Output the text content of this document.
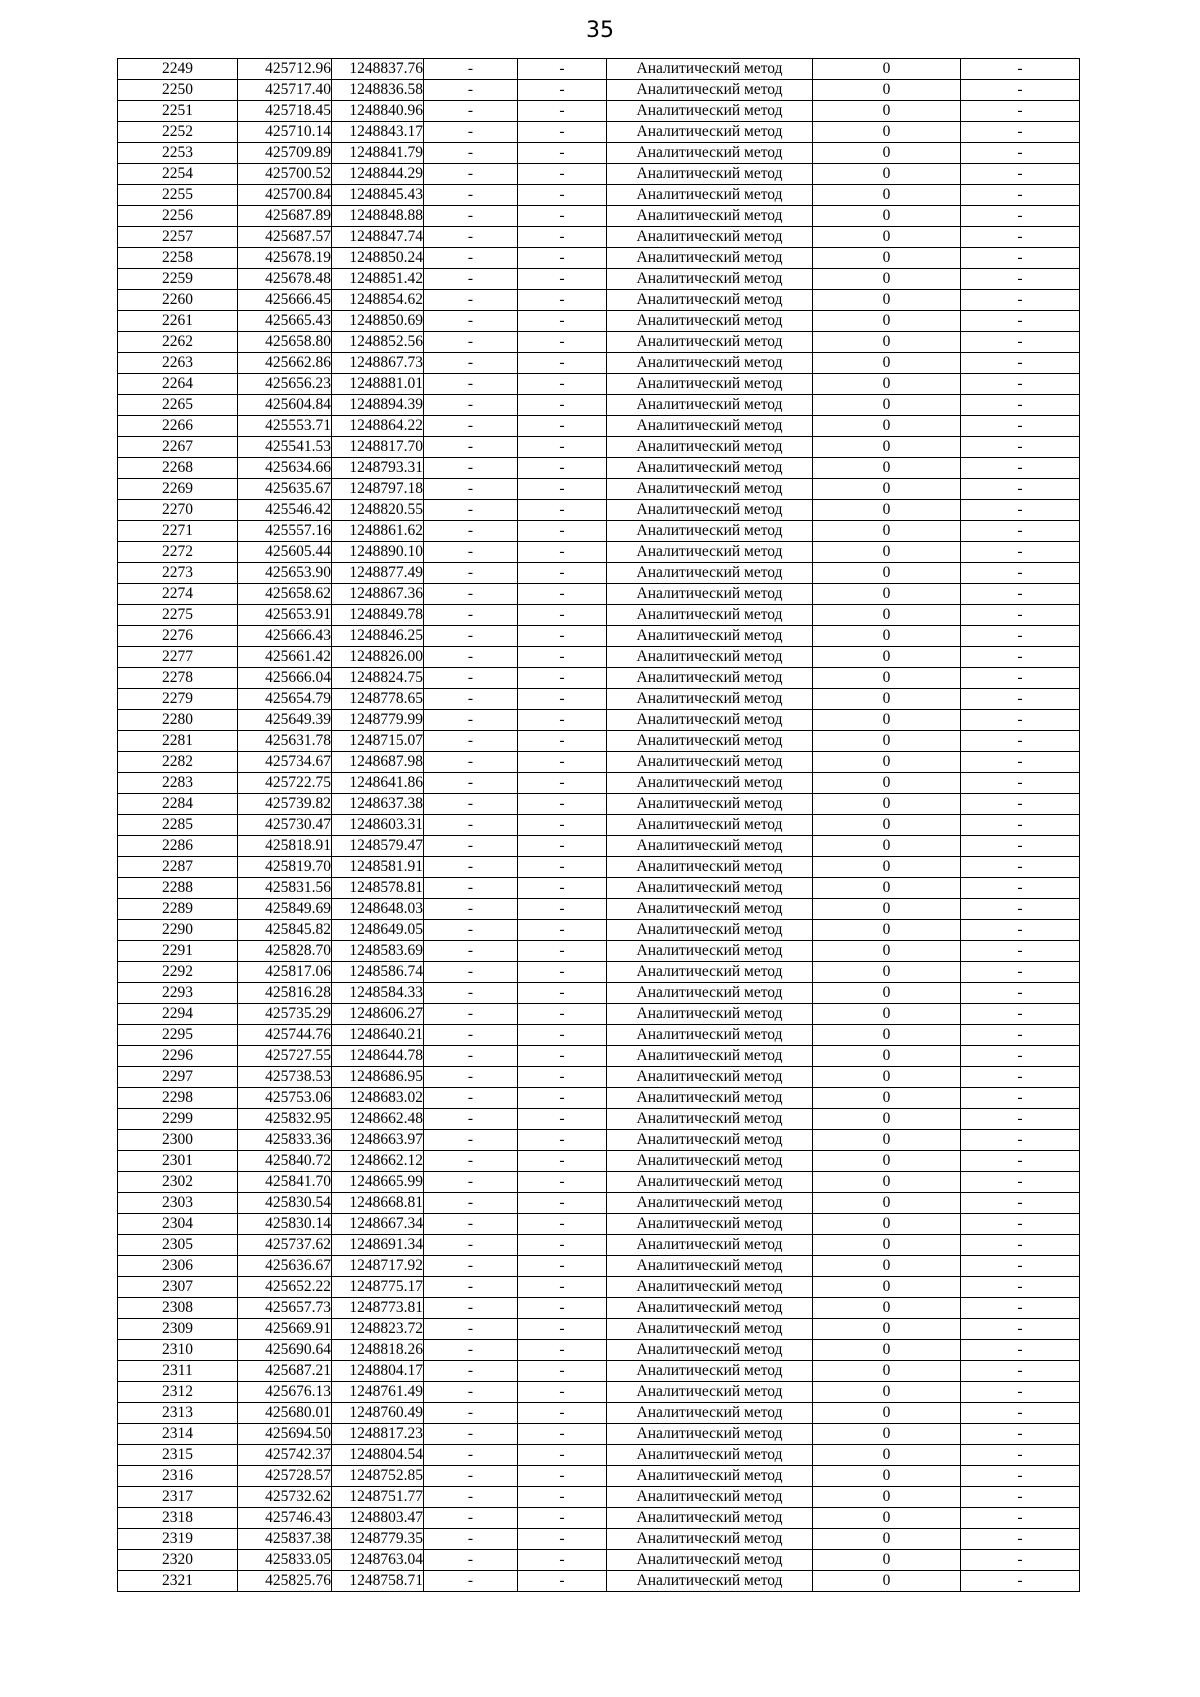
35
2249	425712.96	1248837.76	-	-	Аналитический метод	0	-
2250	425717.40	1248836.58	-	-	Аналитический метод	0	-
2251	425718.45	1248840.96	-	-	Аналитический метод	0	-
2252	425710.14	1248843.17	-	-	Аналитический метод	0	-
2253	425709.89	1248841.79	-	-	Аналитический метод	0	-
2254	425700.52	1248844.29	-	-	Аналитический метод	0	-
2255	425700.84	1248845.43	-	-	Аналитический метод	0	-
2256	425687.89	1248848.88	-	-	Аналитический метод	0	-
2257	425687.57	1248847.74	-	-	Аналитический метод	0	-
2258	425678.19	1248850.24	-	-	Аналитический метод	0	-
2259	425678.48	1248851.42	-	-	Аналитический метод	0	-
2260	425666.45	1248854.62	-	-	Аналитический метод	0	-
2261	425665.43	1248850.69	-	-	Аналитический метод	0	-
2262	425658.80	1248852.56	-	-	Аналитический метод	0	-
2263	425662.86	1248867.73	-	-	Аналитический метод	0	-
2264	425656.23	1248881.01	-	-	Аналитический метод	0	-
2265	425604.84	1248894.39	-	-	Аналитический метод	0	-
2266	425553.71	1248864.22	-	-	Аналитический метод	0	-
2267	425541.53	1248817.70	-	-	Аналитический метод	0	-
2268	425634.66	1248793.31	-	-	Аналитический метод	0	-
2269	425635.67	1248797.18	-	-	Аналитический метод	0	-
2270	425546.42	1248820.55	-	-	Аналитический метод	0	-
2271	425557.16	1248861.62	-	-	Аналитический метод	0	-
2272	425605.44	1248890.10	-	-	Аналитический метод	0	-
2273	425653.90	1248877.49	-	-	Аналитический метод	0	-
2274	425658.62	1248867.36	-	-	Аналитический метод	0	-
2275	425653.91	1248849.78	-	-	Аналитический метод	0	-
2276	425666.43	1248846.25	-	-	Аналитический метод	0	-
2277	425661.42	1248826.00	-	-	Аналитический метод	0	-
2278	425666.04	1248824.75	-	-	Аналитический метод	0	-
2279	425654.79	1248778.65	-	-	Аналитический метод	0	-
2280	425649.39	1248779.99	-	-	Аналитический метод	0	-
2281	425631.78	1248715.07	-	-	Аналитический метод	0	-
2282	425734.67	1248687.98	-	-	Аналитический метод	0	-
2283	425722.75	1248641.86	-	-	Аналитический метод	0	-
2284	425739.82	1248637.38	-	-	Аналитический метод	0	-
2285	425730.47	1248603.31	-	-	Аналитический метод	0	-
2286	425818.91	1248579.47	-	-	Аналитический метод	0	-
2287	425819.70	1248581.91	-	-	Аналитический метод	0	-
2288	425831.56	1248578.81	-	-	Аналитический метод	0	-
2289	425849.69	1248648.03	-	-	Аналитический метод	0	-
2290	425845.82	1248649.05	-	-	Аналитический метод	0	-
2291	425828.70	1248583.69	-	-	Аналитический метод	0	-
2292	425817.06	1248586.74	-	-	Аналитический метод	0	-
2293	425816.28	1248584.33	-	-	Аналитический метод	0	-
2294	425735.29	1248606.27	-	-	Аналитический метод	0	-
2295	425744.76	1248640.21	-	-	Аналитический метод	0	-
2296	425727.55	1248644.78	-	-	Аналитический метод	0	-
2297	425738.53	1248686.95	-	-	Аналитический метод	0	-
2298	425753.06	1248683.02	-	-	Аналитический метод	0	-
2299	425832.95	1248662.48	-	-	Аналитический метод	0	-
2300	425833.36	1248663.97	-	-	Аналитический метод	0	-
2301	425840.72	1248662.12	-	-	Аналитический метод	0	-
2302	425841.70	1248665.99	-	-	Аналитический метод	0	-
2303	425830.54	1248668.81	-	-	Аналитический метод	0	-
2304	425830.14	1248667.34	-	-	Аналитический метод	0	-
2305	425737.62	1248691.34	-	-	Аналитический метод	0	-
2306	425636.67	1248717.92	-	-	Аналитический метод	0	-
2307	425652.22	1248775.17	-	-	Аналитический метод	0	-
2308	425657.73	1248773.81	-	-	Аналитический метод	0	-
2309	425669.91	1248823.72	-	-	Аналитический метод	0	-
2310	425690.64	1248818.26	-	-	Аналитический метод	0	-
2311	425687.21	1248804.17	-	-	Аналитический метод	0	-
2312	425676.13	1248761.49	-	-	Аналитический метод	0	-
2313	425680.01	1248760.49	-	-	Аналитический метод	0	-
2314	425694.50	1248817.23	-	-	Аналитический метод	0	-
2315	425742.37	1248804.54	-	-	Аналитический метод	0	-
2316	425728.57	1248752.85	-	-	Аналитический метод	0	-
2317	425732.62	1248751.77	-	-	Аналитический метод	0	-
2318	425746.43	1248803.47	-	-	Аналитический метод	0	-
2319	425837.38	1248779.35	-	-	Аналитический метод	0	-
2320	425833.05	1248763.04	-	-	Аналитический метод	0	-
2321	425825.76	1248758.71	-	-	Аналитический метод	0	-
